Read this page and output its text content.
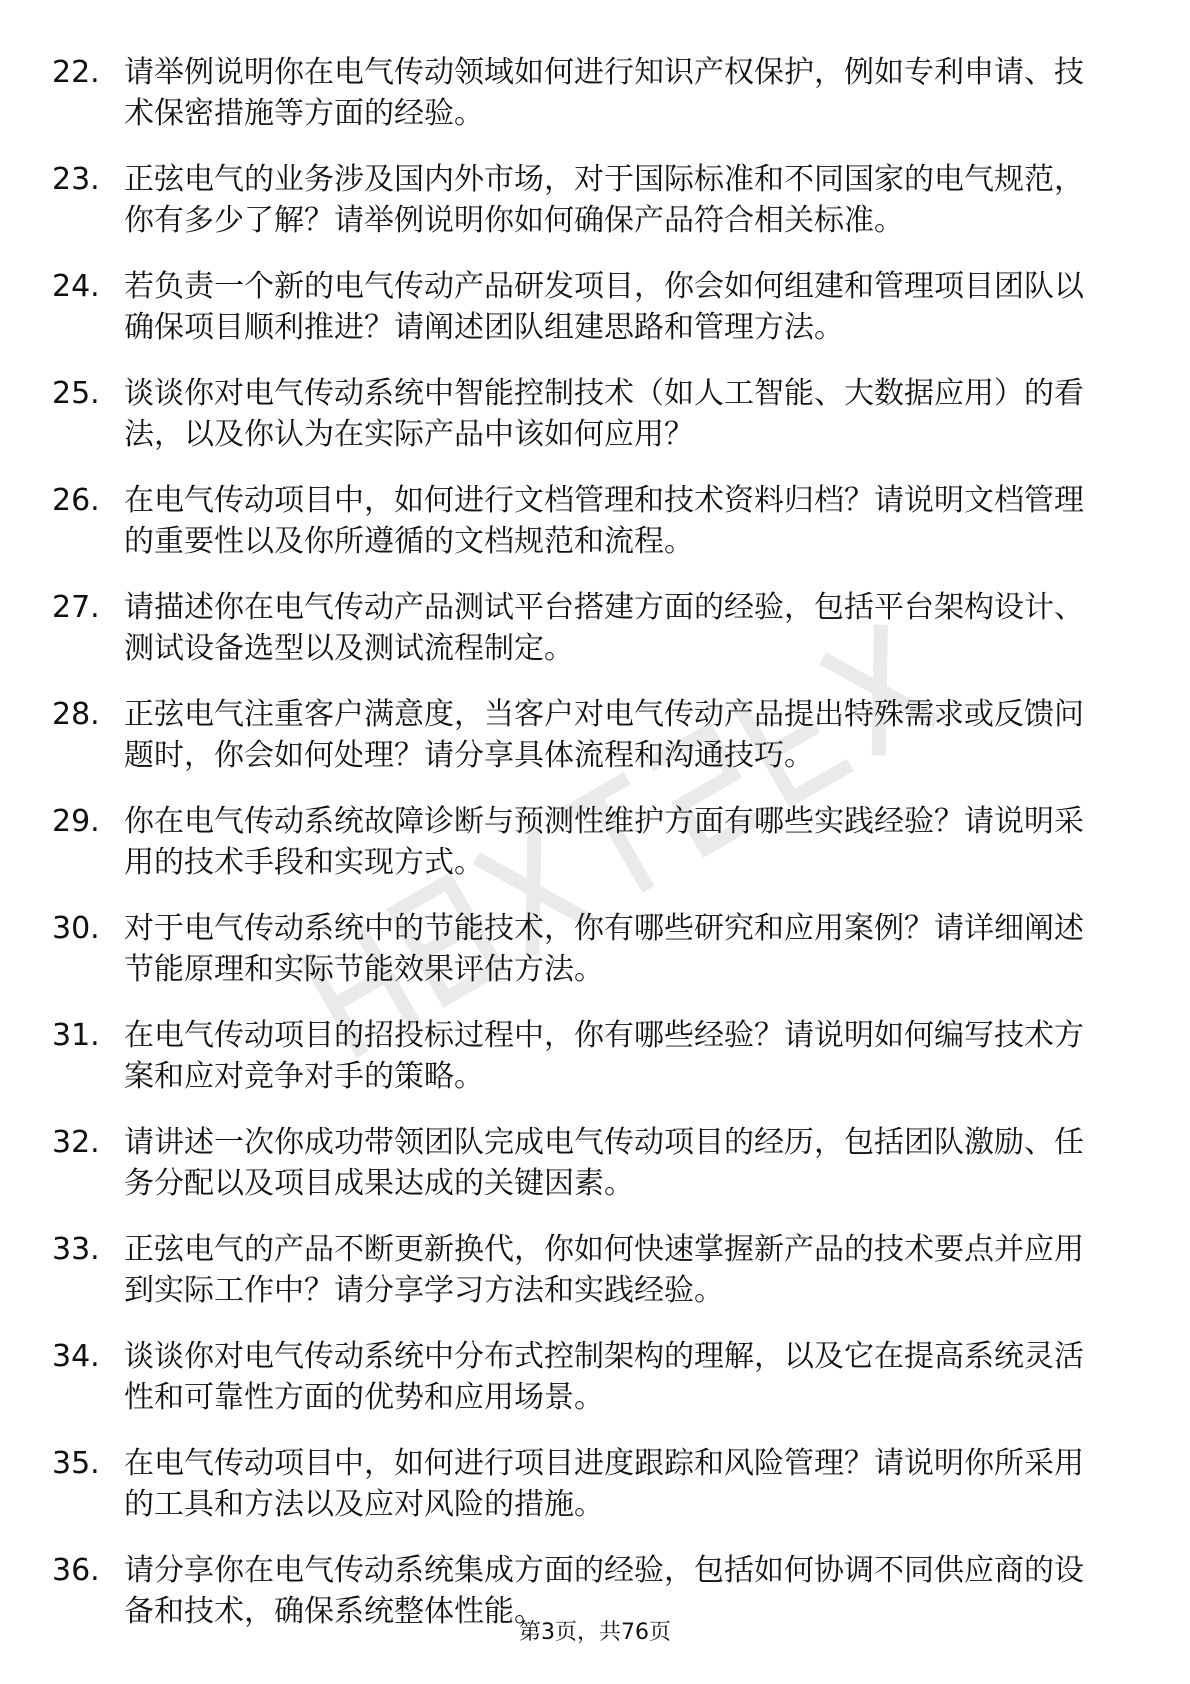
22. 请举例说明你在电气传动领域如何进行知识产权保护，例如专利申请、技术保密措施等方面的经验。
23. 正弦电气的业务涉及国内外市场，对于国际标准和不同国家的电气规范，你有多少了解？请举例说明你如何确保产品符合相关标准。
24. 若负责一个新的电气传动产品研发项目，你会如何组建和管理项目团队以确保项目顺利推进？请阐述团队组建思路和管理方法。
25. 谈谈你对电气传动系统中智能控制技术（如人工智能、大数据应用）的看法，以及你认为在实际产品中该如何应用？
26. 在电气传动项目中，如何进行文档管理和技术资料归档？请说明文档管理的重要性以及你所遵循的文档规范和流程。
27. 请描述你在电气传动产品测试平台搭建方面的经验，包括平台架构设计、测试设备选型以及测试流程制定。
28. 正弦电气注重客户满意度，当客户对电气传动产品提出特殊需求或反馈问题时，你会如何处理？请分享具体流程和沟通技巧。
29. 你在电气传动系统故障诊断与预测性维护方面有哪些实践经验？请说明采用的技术手段和实现方式。
30. 对于电气传动系统中的节能技术，你有哪些研究和应用案例？请详细阐述节能原理和实际节能效果评估方法。
31. 在电气传动项目的招投标过程中，你有哪些经验？请说明如何编写技术方案和应对竞争对手的策略。
32. 请讲述一次你成功带领团队完成电气传动项目的经历，包括团队激励、任务分配以及项目成果达成的关键因素。
33. 正弦电气的产品不断更新换代，你如何快速掌握新产品的技术要点并应用到实际工作中？请分享学习方法和实践经验。
34. 谈谈你对电气传动系统中分布式控制架构的理解，以及它在提高系统灵活性和可靠性方面的优势和应用场景。
35. 在电气传动项目中，如何进行项目进度跟踪和风险管理？请说明你所采用的工具和方法以及应对风险的措施。
36. 请分享你在电气传动系统集成方面的经验，包括如何协调不同供应商的设备和技术，确保系统整体性能。
第3页，共76页
